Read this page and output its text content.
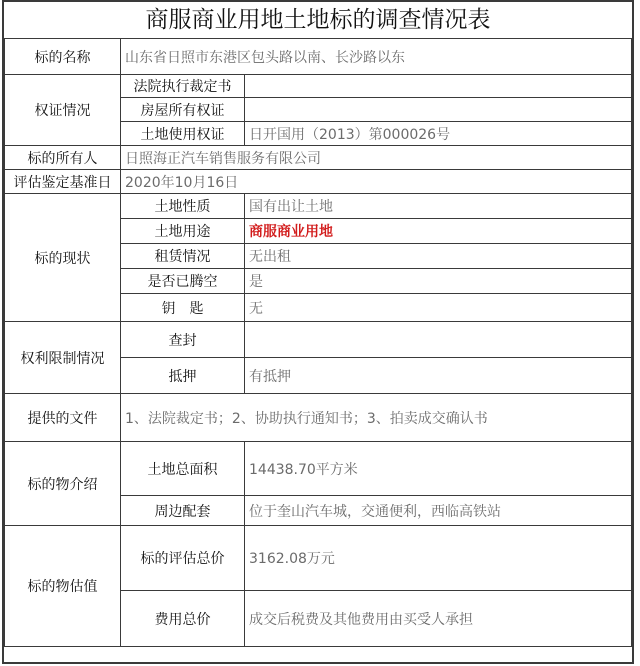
商服商业用地土地标的调查情况表
标的名称	山东省日照市东港区包头路以南、长沙路以东	
权证情况	法院执行裁定书	
	房屋所有权证	
	土地使用权证	日开国用（2013）第000026号
标的所有人	日照海正汽车销售服务有限公司	
评估鉴定基准日	2020年10月16日	
标的现状	土地性质	国有出让土地
	土地用途	商服商业用地
	租赁情况	无出租
	是否已腾空	是
	钥　匙	无
权利限制情况	查封	
	抵押	有抵押
提供的文件	1、法院裁定书；2、协助执行通知书；3、拍卖成交确认书	
标的物介绍	土地总面积	14438.70平方米
	周边配套	位于奎山汽车城，交通便利，西临高铁站
标的物估值	标的评估总价	3162.08万元
	费用总价	成交后税费及其他费用由买受人承担
